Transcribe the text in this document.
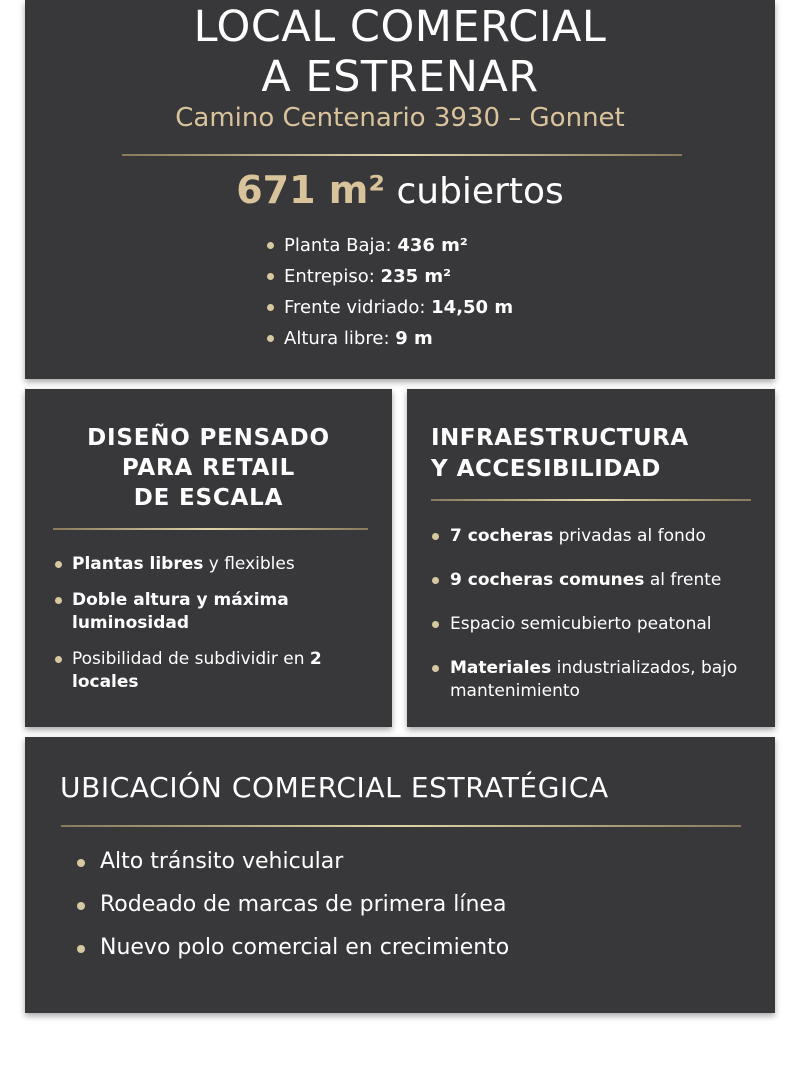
LOCAL COMERCIAL
A ESTRENAR
Camino Centenario 3930 – Gonnet
671 m² cubiertos
Planta Baja: 436 m²
Entrepiso: 235 m²
Frente vidriado: 14,50 m
Altura libre: 9 m
DISEÑO PENSADO
PARA RETAIL
DE ESCALA
Plantas libres y flexibles
Doble altura y máxima luminosidad
Posibilidad de subdividir en 2 locales
INFRAESTRUCTURA
Y ACCESIBILIDAD
7 cocheras privadas al fondo
9 cocheras comunes al frente
Espacio semicubierto peatonal
Materiales industrializados, bajo mantenimiento
UBICACIÓN COMERCIAL ESTRATÉGICA
Alto tránsito vehicular
Rodeado de marcas de primera línea
Nuevo polo comercial en crecimiento
